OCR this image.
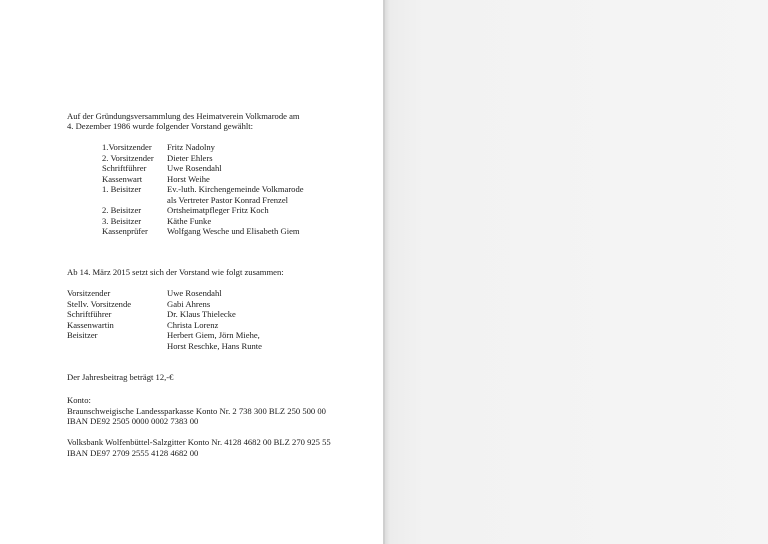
Auf der Gründungsversammlung des Heimatverein Volkmarode am
4. Dezember 1986 wurde folgender Vorstand gewählt:
1.Vorsitzender Fritz Nadolny
2. Vorsitzender Dieter Ehlers
Schriftführer Uwe Rosendahl
Kassenwart	Horst Weihe
1. Beisitzer	Ev.-luth. Kirchengemeinde Volkmarode
als Vertreter Pastor Konrad Frenzel
2. Beisitzer	Ortsheimatpfleger Fritz Koch
3. Beisitzer	Käthe Funke
Kassenprüfer Wolfgang Wesche und Elisabeth Giem
Ab 14. März 2015 setzt sich der Vorstand wie folgt zusammen:
Vorsitzender	Uwe Rosendahl
Stellv. Vorsitzende	Gabi Ahrens
Schriftführer	Dr. Klaus Thielecke
Kassenwartin	Christa Lorenz
Beisitzer	Herbert Giem, Jörn Miehe,
Horst Reschke, Hans Runte
Der Jahresbeitrag beträgt 12,-€
Konto:
Braunschweigische Landessparkasse Konto Nr. 2 738 300 BLZ 250 500 00
IBAN DE92 2505 0000 0002 7383 00
Volksbank Wolfenbüttel-Salzgitter Konto Nr. 4128 4682 00 BLZ 270 925 55
IBAN DE97 2709 2555 4128 4682 00
